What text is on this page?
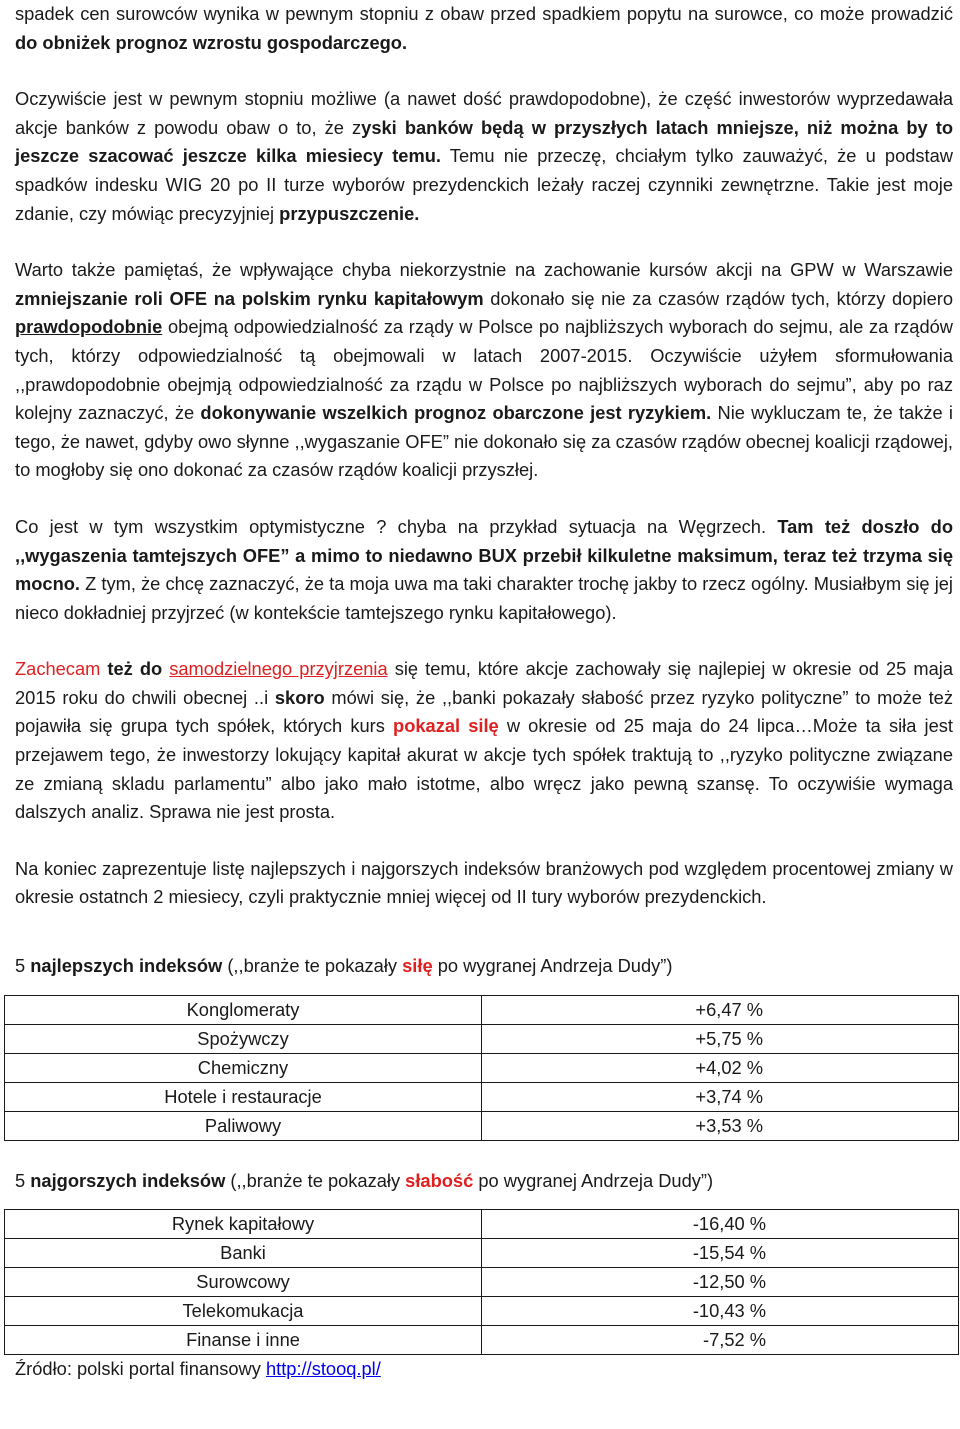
spadek cen surowców wynika w pewnym stopniu z obaw przed spadkiem popytu na surowce, co może prowadzić do obniżek prognoz wzrostu gospodarczego.

Oczywiście jest w pewnym stopniu możliwe (a nawet dość prawdopodobne), że część inwestorów wyprzedawała akcje banków z powodu obaw o to, że zyski banków będą w przyszłych latach mniejsze, niż można by to jeszcze szacować jeszcze kilka miesiecy temu. Temu nie przeczę, chciałym tylko zauważyć, że u podstaw spadków indesku WIG 20 po II turze wyborów prezydenckich leżały raczej czynniki zewnętrzne. Takie jest moje zdanie, czy mówiąc precyzyjniej przypuszczenie.

Warto także pamiętaś, że wpływające chyba niekorzystnie na zachowanie kursów akcji na GPW w Warszawie zmniejszanie roli OFE na polskim rynku kapitałowym dokonało się nie za czasów rządów tych, którzy dopiero prawdopodobnie obejmą odpowiedzialność za rządy w Polsce po najbliższych wyborach do sejmu, ale za rządów tych, którzy odpowiedzialność tą obejmowali w latach 2007-2015. Oczywiście użyłem sformułowania ,,prawdopodobnie obejmją odpowiedzialność za rządu w Polsce po najbliższych wyborach do sejmu”, aby po raz kolejny zaznaczyć, że dokonywanie wszelkich prognoz obarczone jest ryzykiem. Nie wykluczam te, że także i tego, że nawet, gdyby owo słynne ,,wygaszanie OFE” nie dokonało się za czasów rządów obecnej koalicji rządowej, to mogłoby się ono dokonać za czasów rządów koalicji przyszłej.

Co jest w tym wszystkim optymistyczne ? chyba na przykład sytuacja na Węgrzech. Tam też doszło do ,,wygaszenia tamtejszych OFE” a mimo to niedawno BUX przebił kilkuletne maksimum, teraz też trzyma się mocno. Z tym, że chcę zaznaczyć, że ta moja uwa ma taki charakter trochę jakby to rzecz ogólny. Musiałbym się jej nieco dokładniej przyjrzeć (w kontekście tamtejszego rynku kapitałowego).

Zachecam też do samodzielnego przyjrzenia się temu, które akcje zachowały się najlepiej w okresie od 25 maja 2015 roku do chwili obecnej ..i skoro mówi się, że ,,banki pokazały słabość przez ryzyko polityczne” to może też pojawiła się grupa tych spółek, których kurs pokazal silę w okresie od 25 maja do 24 lipca…Może ta siła jest przejawem tego, że inwestorzy lokujący kapitał akurat w akcje tych spółek traktują to ,,ryzyko polityczne związane ze zmianą skladu parlamentu” albo jako mało istotme, albo wręcz jako pewną szansę. To oczywiśie wymaga dalszych analiz. Sprawa nie jest prosta.

Na koniec zaprezentuje listę najlepszych i najgorszych indeksów branżowych pod względem procentowej zmiany w okresie ostatnch 2 miesiecy, czyli praktycznie mniej więcej od II tury wyborów prezydenckich.

5 najlepszych indeksów (,,branże te pokazały siłę po wygranej Andrzeja Dudy”)

Konglomeraty	+6,47 %
Spożywczy	+5,75 %
Chemiczny	+4,02 %
Hotele i restauracje	+3,74 %
Paliwowy	+3,53 %

5 najgorszych indeksów (,,branże te pokazały słabość po wygranej Andrzeja Dudy”)

Rynek kapitałowy	-16,40 %
Banki	-15,54 %
Surowcowy	-12,50 %
Telekomukacja	-10,43 %
Finanse i inne	-7,52 %

Źródło: polski portal finansowy http://stooq.pl/
